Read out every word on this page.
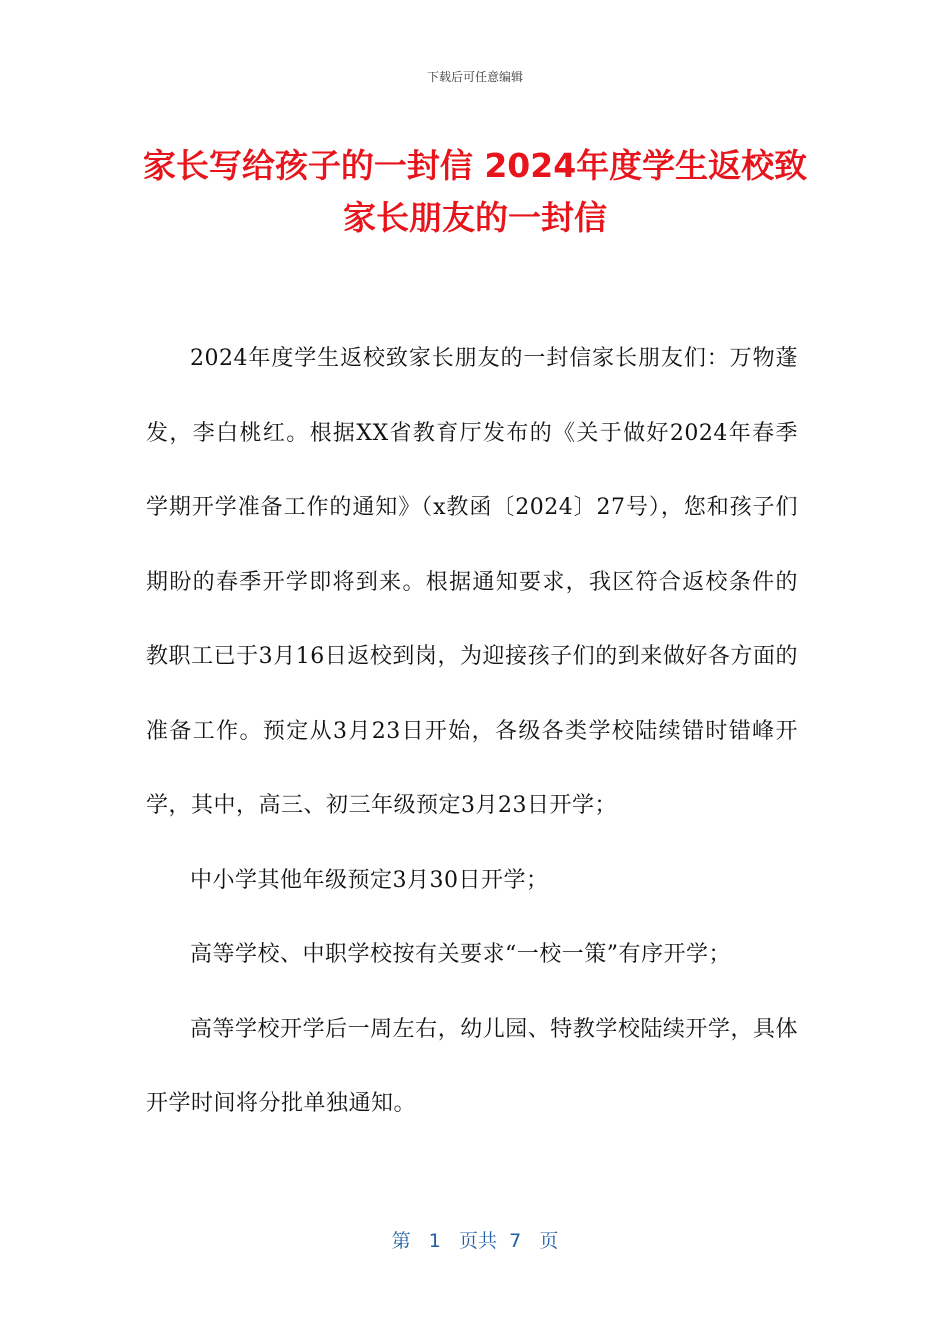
下载后可任意编辑
家长写给孩子的一封信 2024年度学生返校致家长朋友的一封信

2024年度学生返校致家长朋友的一封信家长朋友们：万物蓬发，李白桃红。根据XX省教育厅发布的《关于做好2024年春季学期开学准备工作的通知》（x教函〔2024〕27号），您和孩子们期盼的春季开学即将到来。根据通知要求，我区符合返校条件的教职工已于3月16日返校到岗，为迎接孩子们的到来做好各方面的准备工作。预定从3月23日开始，各级各类学校陆续错时错峰开学，其中，高三、初三年级预定3月23日开学；

中小学其他年级预定3月30日开学；

高等学校、中职学校按有关要求“一校一策”有序开学；

高等学校开学后一周左右，幼儿园、特教学校陆续开学，具体开学时间将分批单独通知。

第 1 页共 7 页
